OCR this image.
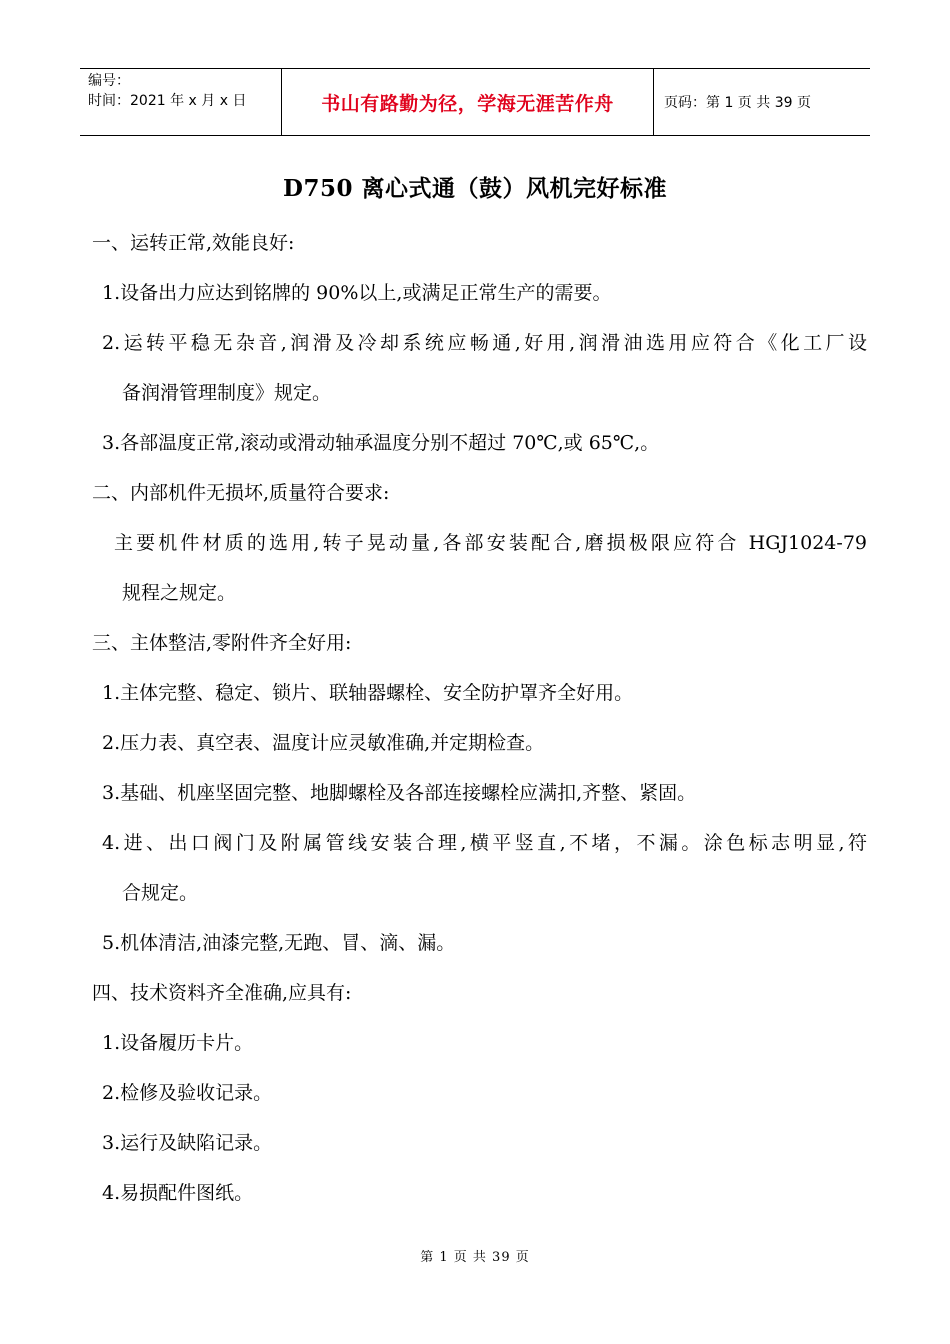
编号：
时间：2021 年 x 月 x 日	书山有路勤为径，学海无涯苦作舟	页码：第 1 页 共 39 页
D750 离心式通（鼓）风机完好标准
一、运转正常,效能良好:
1.设备出力应达到铭牌的 90%以上,或满足正常生产的需要。
2.运转平稳无杂音,润滑及冷却系统应畅通,好用,润滑油选用应符合《化工厂设
备润滑管理制度》规定。
3.各部温度正常,滚动或滑动轴承温度分别不超过 70℃,或 65℃,。
二、内部机件无损坏,质量符合要求:
主要机件材质的选用,转子晃动量,各部安装配合,磨损极限应符合 HGJ1024-79
规程之规定。
三、主体整洁,零附件齐全好用:
1.主体完整、稳定、锁片、联轴器螺栓、安全防护罩齐全好用。
2.压力表、真空表、温度计应灵敏准确,并定期检查。
3.基础、机座坚固完整、地脚螺栓及各部连接螺栓应满扣,齐整、紧固。
4.进、出口阀门及附属管线安装合理,横平竖直,不堵，不漏。涂色标志明显,符
合规定。
5.机体清洁,油漆完整,无跑、冒、滴、漏。
四、技术资料齐全准确,应具有:
1.设备履历卡片。
2.检修及验收记录。
3.运行及缺陷记录。
4.易损配件图纸。
第 1 页 共 39 页
